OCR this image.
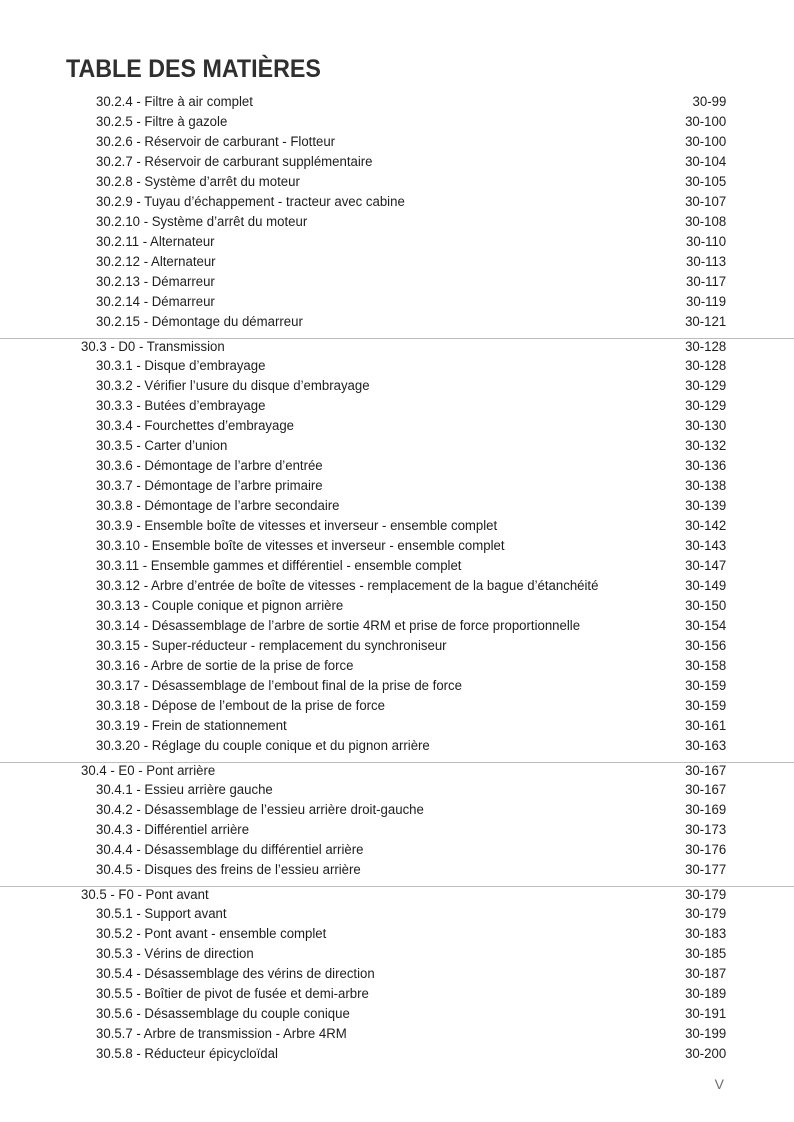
TABLE DES MATIÈRES
30.2.4 - Filtre à air complet	30-99
30.2.5 - Filtre à gazole	30-100
30.2.6 - Réservoir de carburant - Flotteur	30-100
30.2.7 - Réservoir de carburant supplémentaire	30-104
30.2.8 - Système d’arrêt du moteur	30-105
30.2.9 - Tuyau d’échappement - tracteur avec cabine	30-107
30.2.10 - Système d’arrêt du moteur	30-108
30.2.11 - Alternateur	30-110
30.2.12 - Alternateur	30-113
30.2.13 - Démarreur	30-117
30.2.14 - Démarreur	30-119
30.2.15 - Démontage du démarreur	30-121
30.3 - D0 - Transmission	30-128
30.3.1 - Disque d’embrayage	30-128
30.3.2 - Vérifier l’usure du disque d’embrayage	30-129
30.3.3 - Butées d’embrayage	30-129
30.3.4 - Fourchettes d’embrayage	30-130
30.3.5 - Carter d’union	30-132
30.3.6 - Démontage de l’arbre d’entrée	30-136
30.3.7 - Démontage de l’arbre primaire	30-138
30.3.8 - Démontage de l’arbre secondaire	30-139
30.3.9 - Ensemble boîte de vitesses et inverseur - ensemble complet	30-142
30.3.10 - Ensemble boîte de vitesses et inverseur - ensemble complet	30-143
30.3.11 - Ensemble gammes et différentiel - ensemble complet	30-147
30.3.12 - Arbre d’entrée de boîte de vitesses - remplacement de la bague d’étanchéité	30-149
30.3.13 - Couple conique et pignon arrière	30-150
30.3.14 - Désassemblage de l’arbre de sortie 4RM et prise de force proportionnelle	30-154
30.3.15 - Super-réducteur - remplacement du synchroniseur	30-156
30.3.16 - Arbre de sortie de la prise de force	30-158
30.3.17 - Désassemblage de l’embout final de la prise de force	30-159
30.3.18 - Dépose de l’embout de la prise de force	30-159
30.3.19 - Frein de stationnement	30-161
30.3.20 - Réglage du couple conique et du pignon arrière	30-163
30.4 - E0 - Pont arrière	30-167
30.4.1 - Essieu arrière gauche	30-167
30.4.2 - Désassemblage de l’essieu arrière droit-gauche	30-169
30.4.3 - Différentiel arrière	30-173
30.4.4 - Désassemblage du différentiel arrière	30-176
30.4.5 - Disques des freins de l’essieu arrière	30-177
30.5 - F0 - Pont avant	30-179
30.5.1 - Support avant	30-179
30.5.2 - Pont avant - ensemble complet	30-183
30.5.3 - Vérins de direction	30-185
30.5.4 - Désassemblage des vérins de direction	30-187
30.5.5 - Boîtier de pivot de fusée et demi-arbre	30-189
30.5.6 - Désassemblage du couple conique	30-191
30.5.7 - Arbre de transmission - Arbre 4RM	30-199
30.5.8 - Réducteur épicycloïdal	30-200
V
